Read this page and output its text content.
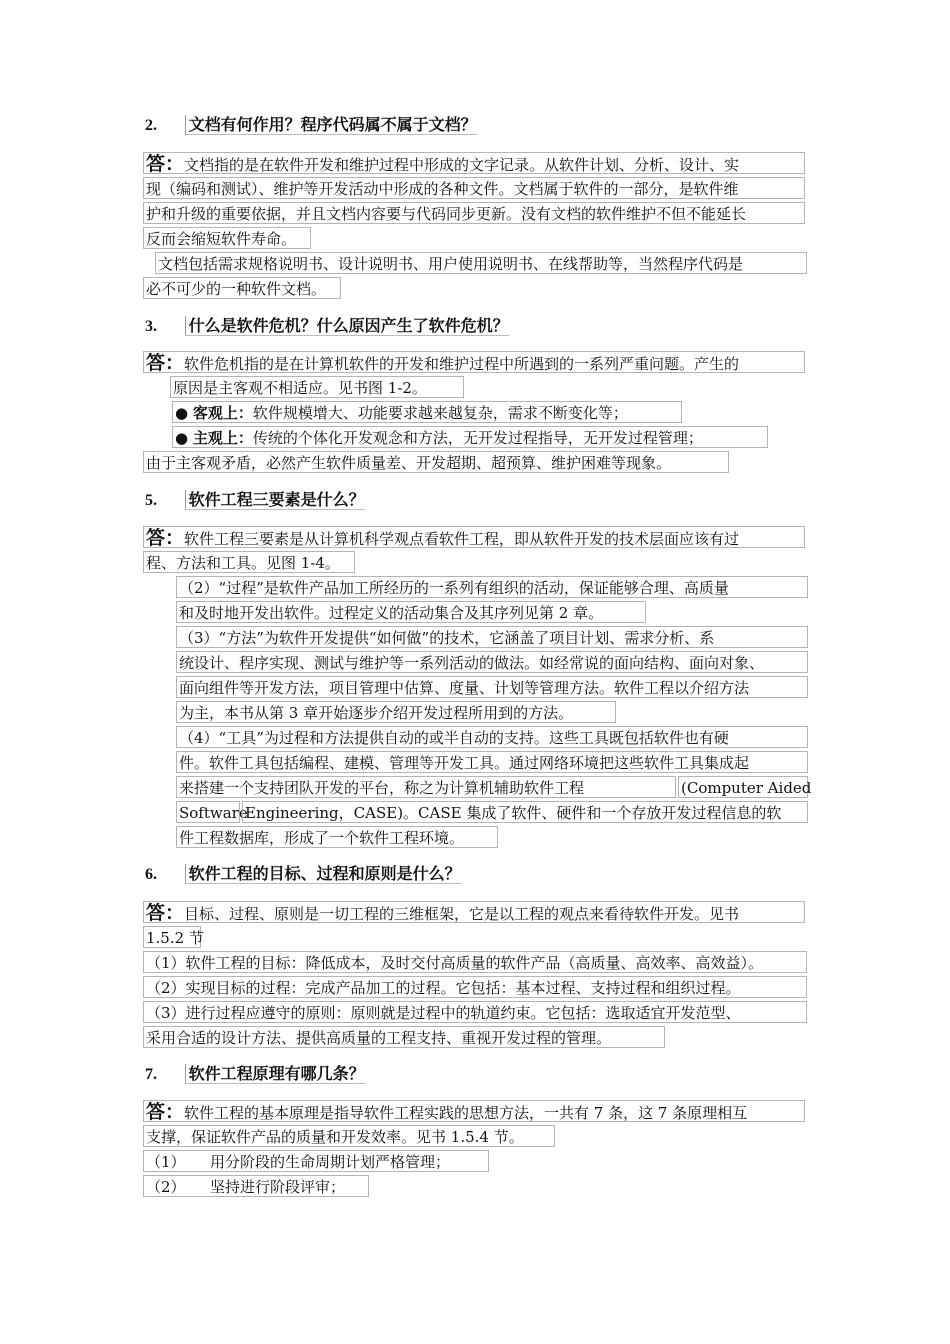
2. 文档有何作用？程序代码属不属于文档？
答：文档指的是在软件开发和维护过程中形成的文字记录。从软件计划、分析、设计、实
现（编码和测试）、维护等开发活动中形成的各种文件。文档属于软件的一部分，是软件维
护和升级的重要依据，并且文档内容要与代码同步更新。没有文档的软件维护不但不能延长
反而会缩短软件寿命。
文档包括需求规格说明书、设计说明书、用户使用说明书、在线帮助等，当然程序代码是
必不可少的一种软件文档。
3. 什么是软件危机？什么原因产生了软件危机？
答：软件危机指的是在计算机软件的开发和维护过程中所遇到的一系列严重问题。产生的
原因是主客观不相适应。见书图 1-2。
● 客观上：软件规模增大、功能要求越来越复杂，需求不断变化等；
● 主观上：传统的个体化开发观念和方法，无开发过程指导，无开发过程管理；
由于主客观矛盾，必然产生软件质量差、开发超期、超预算、维护困难等现象。
5. 软件工程三要素是什么？
答：软件工程三要素是从计算机科学观点看软件工程，即从软件开发的技术层面应该有过
程、方法和工具。见图 1-4。
（2）“过程”是软件产品加工所经历的一系列有组织的活动，保证能够合理、高质量
和及时地开发出软件。过程定义的活动集合及其序列见第 2 章。
（3）“方法”为软件开发提供“如何做”的技术，它涵盖了项目计划、需求分析、系
统设计、程序实现、测试与维护等一系列活动的做法。如经常说的面向结构、面向对象、
面向组件等开发方法，项目管理中估算、度量、计划等管理方法。软件工程以介绍方法
为主，本书从第 3 章开始逐步介绍开发过程所用到的方法。
（4）“工具”为过程和方法提供自动的或半自动的支持。这些工具既包括软件也有硬
件。软件工具包括编程、建模、管理等开发工具。通过网络环境把这些软件工具集成起
来搭建一个支持团队开发的平台，称之为计算机辅助软件工程	(Computer Aided
Software
Engineering，CASE)。CASE 集成了软件、硬件和一个存放开发过程信息的软
件工程数据库，形成了一个软件工程环境。
6. 软件工程的目标、过程和原则是什么？
答：目标、过程、原则是一切工程的三维框架，它是以工程的观点来看待软件开发。见书
1.5.2 节
（1）软件工程的目标：降低成本，及时交付高质量的软件产品（高质量、高效率、高效益）。
（2）实现目标的过程：完成产品加工的过程。它包括：基本过程、支持过程和组织过程。
（3）进行过程应遵守的原则：原则就是过程中的轨道约束。它包括：选取适宜开发范型、
采用合适的设计方法、提供高质量的工程支持、重视开发过程的管理。
7. 软件工程原理有哪几条？
答：软件工程的基本原理是指导软件工程实践的思想方法，一共有 7 条，这 7 条原理相互
支撑，保证软件产品的质量和开发效率。见书 1.5.4 节。
（1） 用分阶段的生命周期计划严格管理；
（2） 坚持进行阶段评审；
